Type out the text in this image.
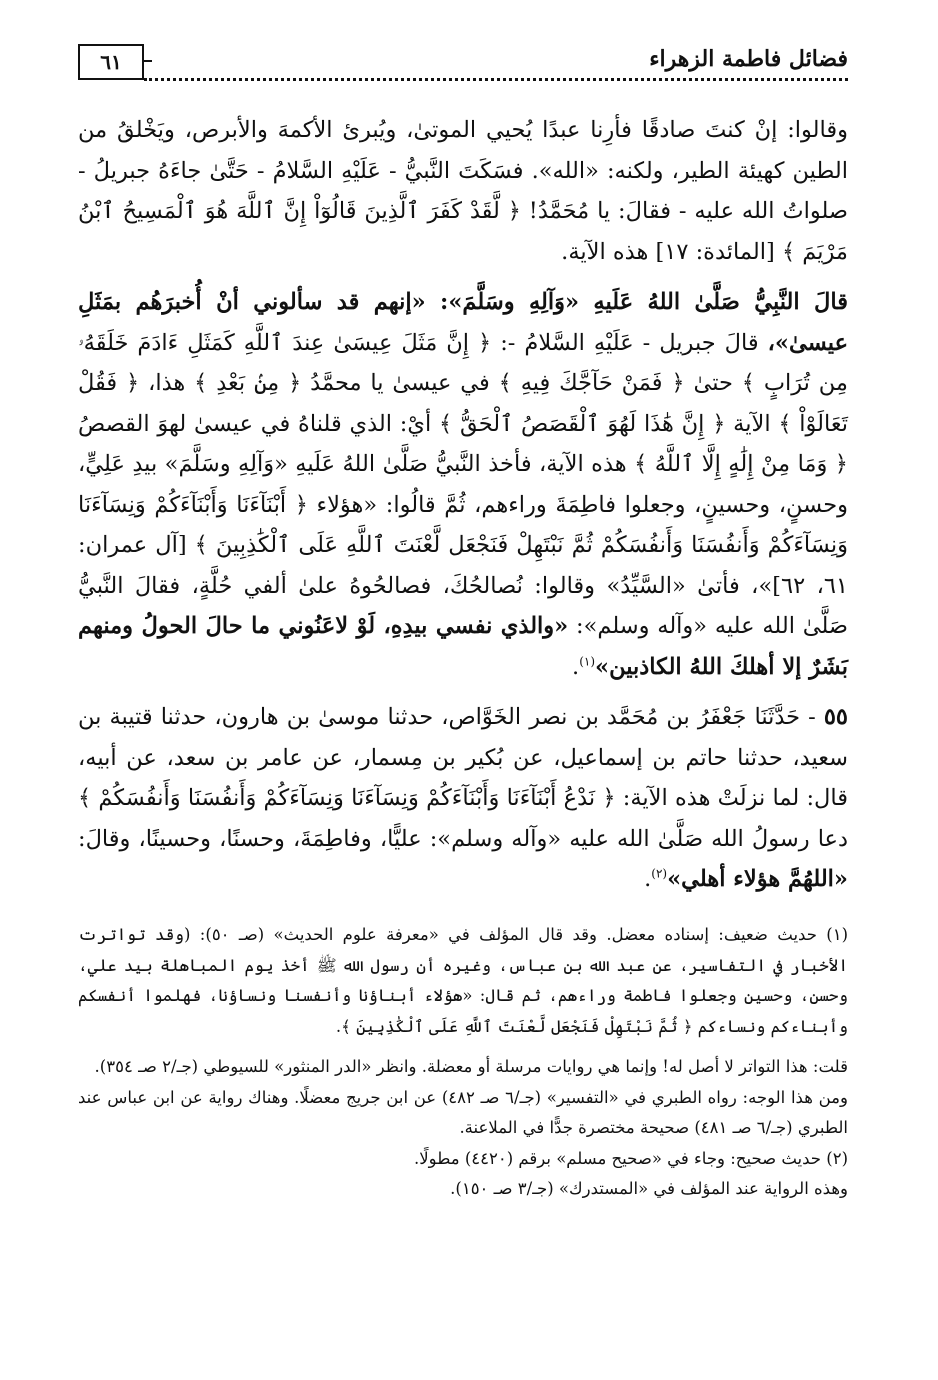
٦١	فضائل فاطمة الزهراء

وقالوا: إنْ كنتَ صادقًا فأرِنا عبدًا يُحيي الموتىٰ، ويُبرئ الأكمهَ والأبرص، ويَخْلقُ من الطين كهيئة الطير، ولكنه: «الله». فسَكَتَ النَّبيُّ - عَلَيْهِ السَّلامُ - حَتَّىٰ جاءَهُ جبريلُ - صلواتُ الله عليه - فقالَ: يا مُحَمَّدُ! ﴿ لَّقَدْ كَفَرَ ٱلَّذِينَ قَالُوٓاْ إِنَّ ٱللَّهَ هُوَ ٱلْمَسِيحُ ٱبْنُ مَرْيَمَ ﴾ [المائدة: ١٧] هذه الآية.

قالَ النَّبِيُّ صَلَّىٰ اللهُ عَلَيهِ «وَآلِهِ وسَلَّمَ»: «إنهم قد سألوني أنْ أُخبرَهُم بمَثَلِ عيسىٰ»، قالَ جبريل - عَلَيْهِ السَّلامُ -: ﴿ إِنَّ مَثَلَ عِيسَىٰ عِندَ ٱللَّهِ كَمَثَلِ ءَادَمَ خَلَقَهُۥ مِن تُرَابٍ ﴾ حتىٰ ﴿ فَمَنْ حَآجَّكَ فِيهِ ﴾ في عيسىٰ يا محمَّدُ ﴿ مِنۢ بَعْدِ ﴾ هذا، ﴿ فَقُلْ تَعَالَوْاْ ﴾ الآية ﴿ إِنَّ هَٰذَا لَهُوَ ٱلْقَصَصُ ٱلْحَقُّ ﴾ أيْ: الذي قلناهُ في عيسىٰ لهوَ القصصُ ﴿ وَمَا مِنْ إِلَٰهٍ إِلَّا ٱللَّهُ ﴾ هذه الآية، فأخذ النَّبيُّ صَلَّىٰ اللهُ عَلَيهِ «وَآلِهِ وسَلَّمَ» بيدِ عَلِيٍّ، وحسنٍ، وحسينٍ، وجعلوا فاطِمَةَ وراءهم، ثُمَّ قالُوا: «هؤلاء ﴿ أَبْنَآءَنَا وَأَبْنَآءَكُمْ وَنِسَآءَنَا وَنِسَآءَكُمْ وَأَنفُسَنَا وَأَنفُسَكُمْ ثُمَّ نَبْتَهِلْ فَنَجْعَل لَّعْنَتَ ٱللَّهِ عَلَى ٱلْكَٰذِبِينَ ﴾ [آل عمران: ٦١، ٦٢]»، فأتىٰ «السَّيِّدُ» وقالوا: نُصالحُكَ، فصالحُوهُ علىٰ ألفي حُلَّةٍ، فقالَ النَّبيُّ صَلَّىٰ الله عليه «وآله وسلم»: «والذي نفسي بيدِهِ، لَوْ لاعَنُوني ما حالَ الحولُ ومنهم بَشَرٌ إلا أهلكَ اللهُ الكاذبين»$^{(١)}$.

٥٥ - حَدَّثَنَا جَعْفَرُ بن مُحَمَّد بن نصر الخَوَّاص، حدثنا موسىٰ بن هارون، حدثنا قتيبة بن سعيد، حدثنا حاتم بن إسماعيل، عن بُكير بن مِسمار، عن عامر بن سعد، عن أبيه، قال: لما نزلَتْ هذه الآية: ﴿ نَدْعُ أَبْنَآءَنَا وَأَبْنَآءَكُمْ وَنِسَآءَنَا وَنِسَآءَكُمْ وَأَنفُسَنَا وَأَنفُسَكُمْ ﴾ دعا رسولُ الله صَلَّىٰ الله عليه «وآله وسلم»: عليًّا، وفاطِمَةَ، وحسنًا، وحسينًا، وقالَ: «اللهُمَّ هؤلاء أهلي»$^{(٢)}$.

(١) حديث ضعيف: إسناده معضل. وقد قال المؤلف في «معرفة علوم الحديث» (صـ ٥٠): (وقد تواترت الأخبار في التفاسير، عن عبد الله بن عباس، وغيره أن رسول الله ﷺ أخذ يوم المباهلة بيد علي، وحسن، وحسين وجعلوا فاطمة وراءهم، ثم قال: «هؤلاء أبناؤنا وأنفسنا ونساؤنا، فهلموا أنفسكم وأبناءكم ونساءكم ﴿ ثُمَّ نَبْتَهِلْ فَنَجْعَل لَّعْنَتَ ٱللَّهِ عَلَى ٱلْكَٰذِبِينَ ﴾.

قلت: هذا التواتر لا أصل له! وإنما هي روايات مرسلة أو معضلة. وانظر «الدر المنثور» للسيوطي (جـ/٢ صـ ٣٥٤).

ومن هذا الوجه: رواه الطبري في «التفسير» (جـ/٦ صـ ٤٨٢) عن ابن جريج معضلًا. وهناك رواية عن ابن عباس عند الطبري (جـ/٦ صـ ٤٨١) صحيحة مختصرة جدًّا في الملاعنة.

(٢) حديث صحيح: وجاء في «صحيح مسلم» برقم (٤٤٢٠) مطولًا.

وهذه الرواية عند المؤلف في «المستدرك» (جـ/٣ صـ ١٥٠).
